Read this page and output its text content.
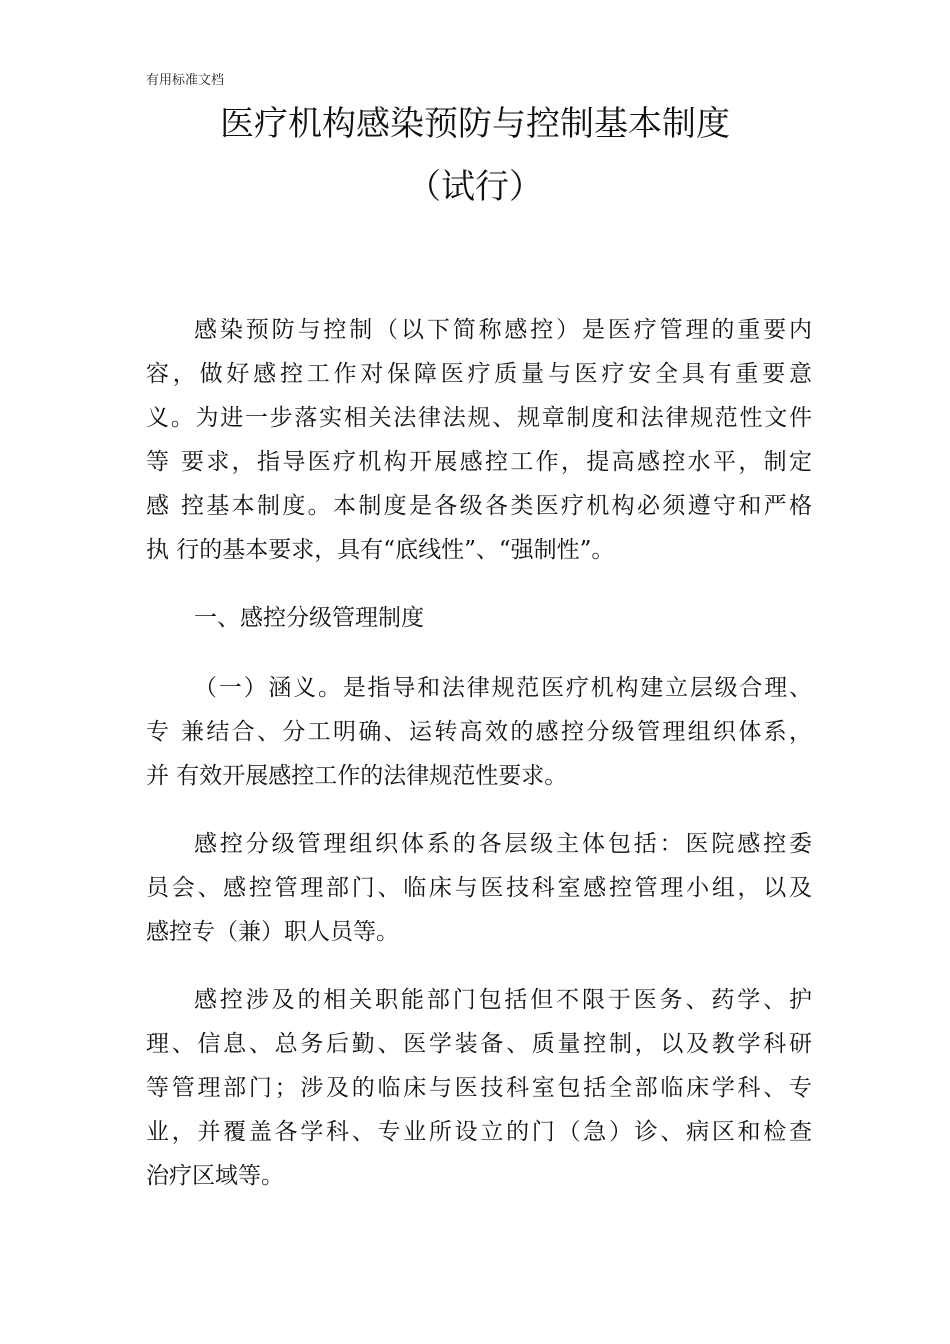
有用标准文档
医疗机构感染预防与控制基本制度
（试行）
感染预防与控制（以下简称感控）是医疗管理的重要内
容，做好感控工作对保障医疗质量与医疗安全具有重要意
义。为进一步落实相关法律法规、规章制度和法律规范性文件
等 要求，指导医疗机构开展感控工作，提高感控水平，制定
感 控基本制度。本制度是各级各类医疗机构必须遵守和严格
执 行的基本要求，具有“底线性”、“强制性”。
一、感控分级管理制度
（一）涵义。是指导和法律规范医疗机构建立层级合理、
专 兼结合、分工明确、运转高效的感控分级管理组织体系，
并 有效开展感控工作的法律规范性要求。
感控分级管理组织体系的各层级主体包括：医院感控委
员会、感控管理部门、临床与医技科室感控管理小组，以及
感控专（兼）职人员等。
感控涉及的相关职能部门包括但不限于医务、药学、护
理、信息、总务后勤、医学装备、质量控制，以及教学科研
等管理部门；涉及的临床与医技科室包括全部临床学科、专
业，并覆盖各学科、专业所设立的门（急）诊、病区和检查
治疗区域等。
